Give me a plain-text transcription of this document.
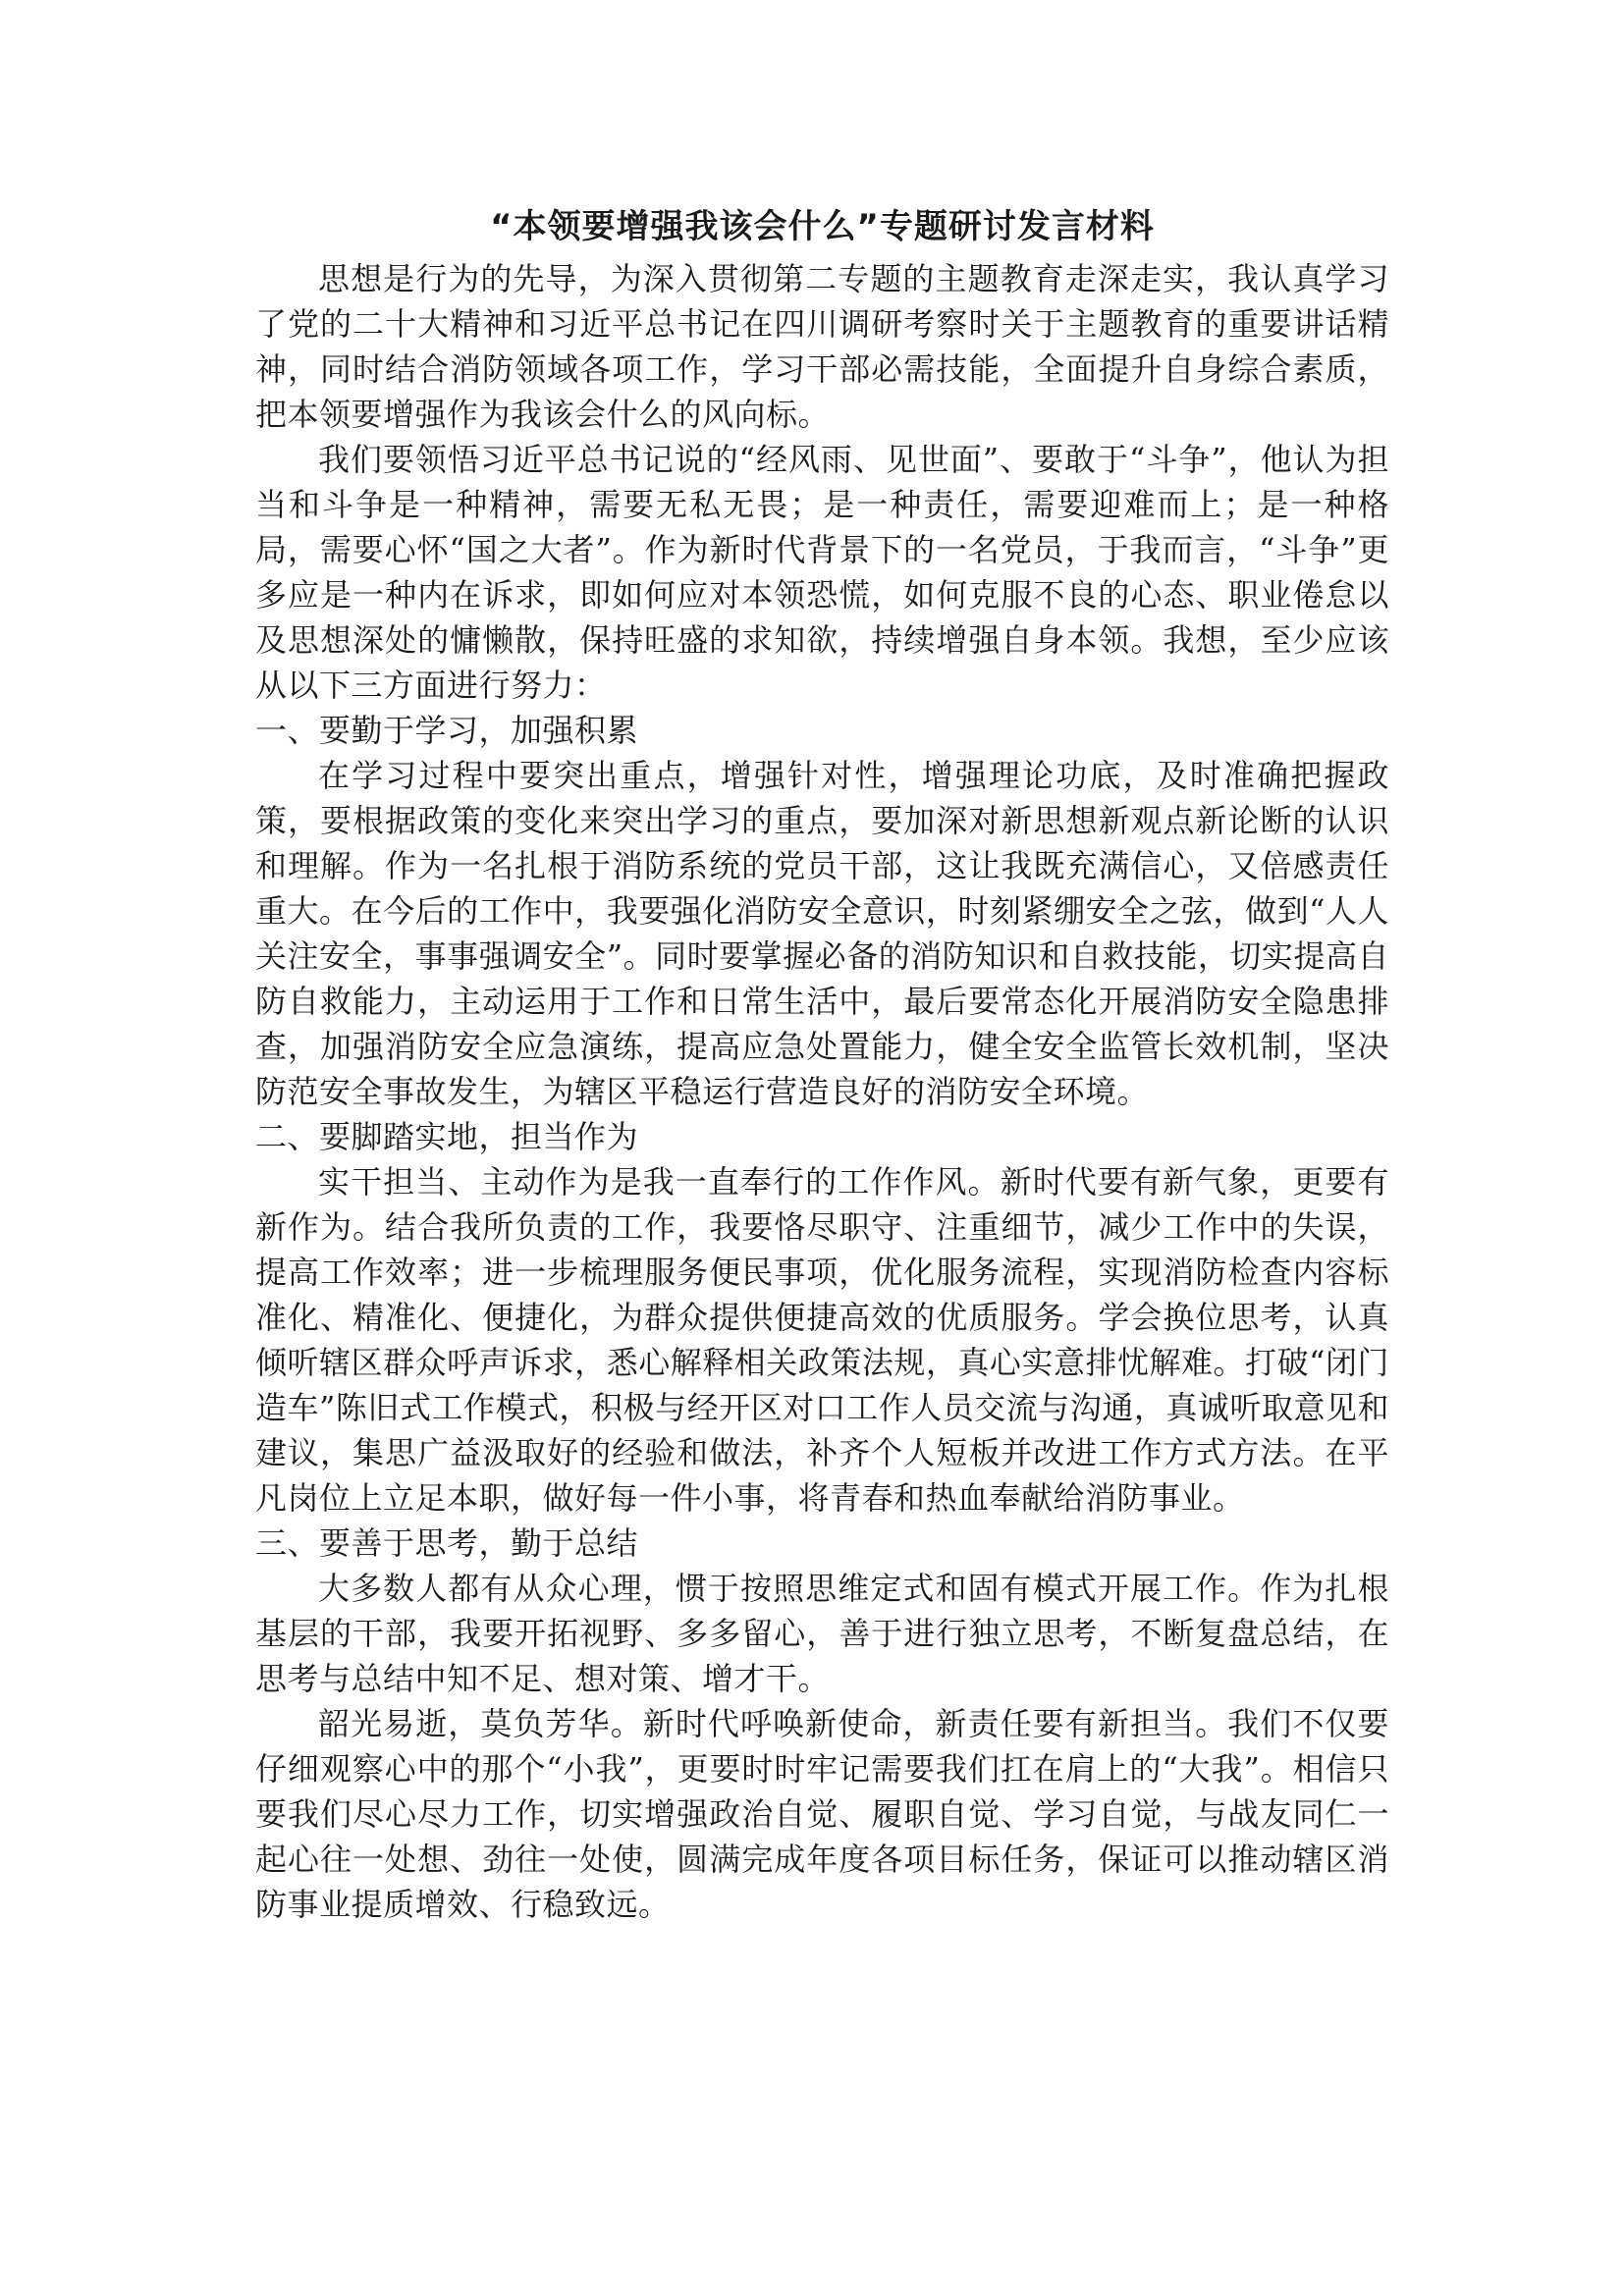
“本领要增强我该会什么”专题研讨发言材料

思想是行为的先导，为深入贯彻第二专题的主题教育走深走实，我认真学习了党的二十大精神和习近平总书记在四川调研考察时关于主题教育的重要讲话精神，同时结合消防领域各项工作，学习干部必需技能，全面提升自身综合素质，把本领要增强作为我该会什么的风向标。

我们要领悟习近平总书记说的“经风雨、见世面”、要敢于“斗争”，他认为担当和斗争是一种精神，需要无私无畏；是一种责任，需要迎难而上；是一种格局，需要心怀“国之大者”。作为新时代背景下的一名党员，于我而言，“斗争”更多应是一种内在诉求，即如何应对本领恐慌，如何克服不良的心态、职业倦怠以及思想深处的慵懒散，保持旺盛的求知欲，持续增强自身本领。我想，至少应该从以下三方面进行努力：

一、要勤于学习，加强积累

在学习过程中要突出重点，增强针对性，增强理论功底，及时准确把握政策，要根据政策的变化来突出学习的重点，要加深对新思想新观点新论断的认识和理解。作为一名扎根于消防系统的党员干部，这让我既充满信心，又倍感责任重大。在今后的工作中，我要强化消防安全意识，时刻紧绷安全之弦，做到“人人关注安全，事事强调安全”。同时要掌握必备的消防知识和自救技能，切实提高自防自救能力，主动运用于工作和日常生活中，最后要常态化开展消防安全隐患排查，加强消防安全应急演练，提高应急处置能力，健全安全监管长效机制，坚决防范安全事故发生，为辖区平稳运行营造良好的消防安全环境。

二、要脚踏实地，担当作为

实干担当、主动作为是我一直奉行的工作作风。新时代要有新气象，更要有新作为。结合我所负责的工作，我要恪尽职守、注重细节，减少工作中的失误，提高工作效率；进一步梳理服务便民事项，优化服务流程，实现消防检查内容标准化、精准化、便捷化，为群众提供便捷高效的优质服务。学会换位思考，认真倾听辖区群众呼声诉求，悉心解释相关政策法规，真心实意排忧解难。打破“闭门造车”陈旧式工作模式，积极与经开区对口工作人员交流与沟通，真诚听取意见和建议，集思广益汲取好的经验和做法，补齐个人短板并改进工作方式方法。在平凡岗位上立足本职，做好每一件小事，将青春和热血奉献给消防事业。

三、要善于思考，勤于总结

大多数人都有从众心理，惯于按照思维定式和固有模式开展工作。作为扎根基层的干部，我要开拓视野、多多留心，善于进行独立思考，不断复盘总结，在思考与总结中知不足、想对策、增才干。

韶光易逝，莫负芳华。新时代呼唤新使命，新责任要有新担当。我们不仅要仔细观察心中的那个“小我”，更要时时牢记需要我们扛在肩上的“大我”。相信只要我们尽心尽力工作，切实增强政治自觉、履职自觉、学习自觉，与战友同仁一起心往一处想、劲往一处使，圆满完成年度各项目标任务，保证可以推动辖区消防事业提质增效、行稳致远。
